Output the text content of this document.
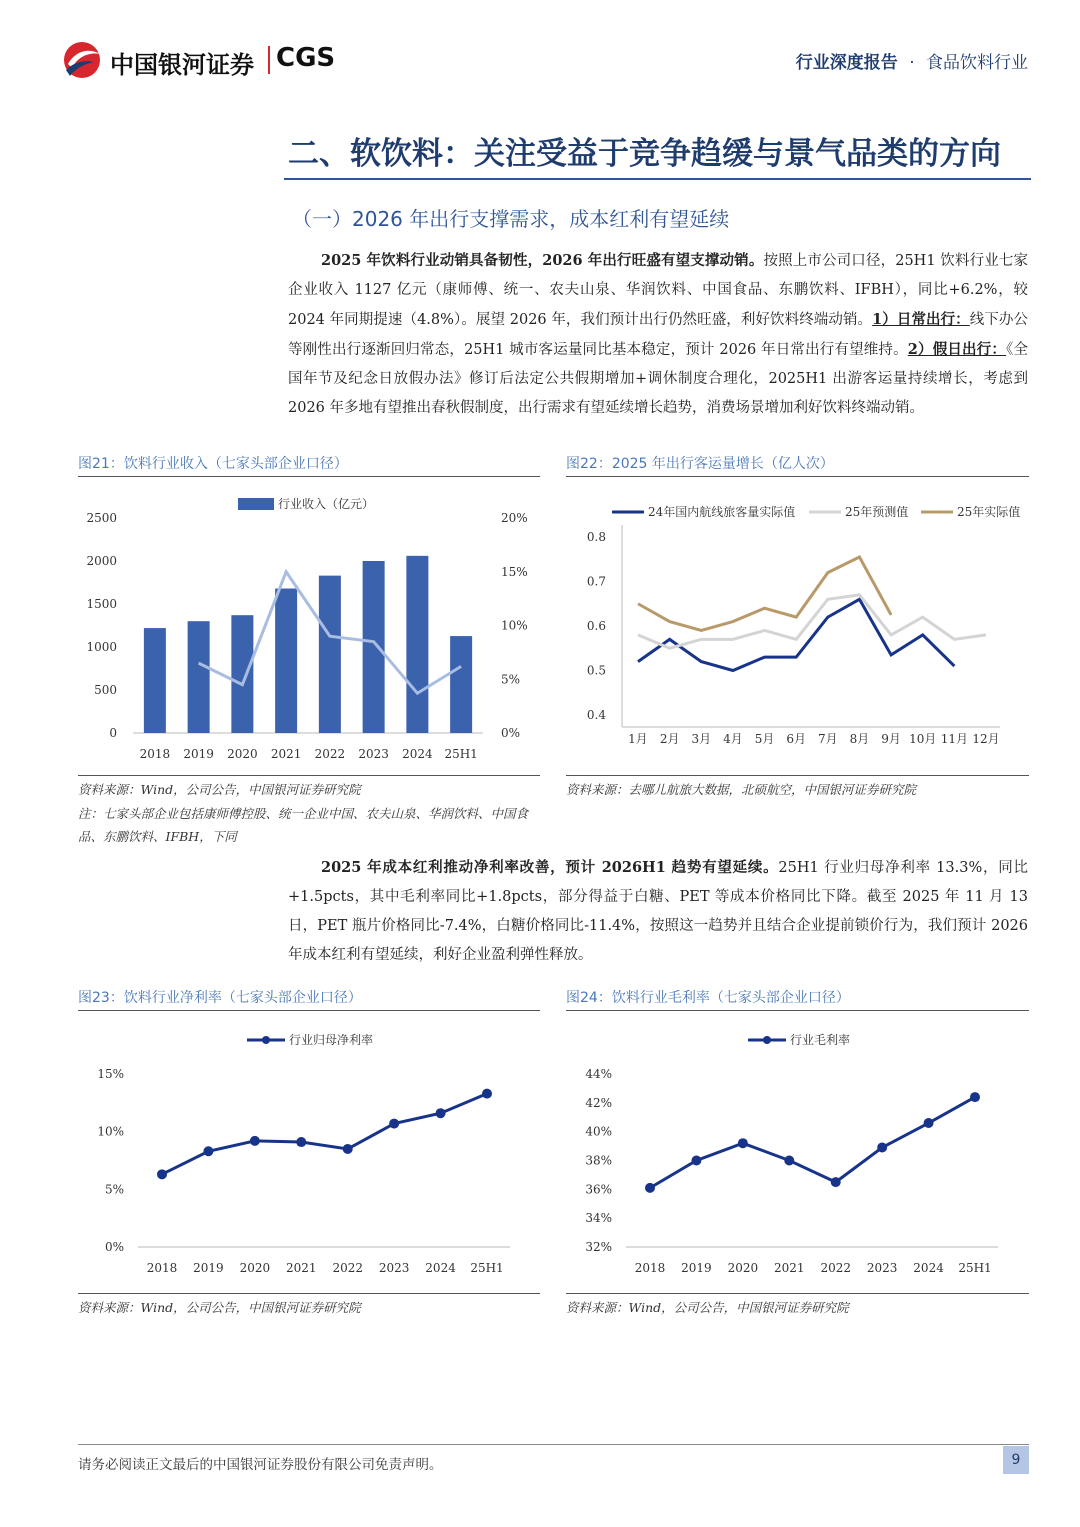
中国银河证券 CGS	行业深度报告 · 食品饮料行业
二、软饮料：关注受益于竞争趋缓与景气品类的方向
（一）2026 年出行支撑需求，成本红利有望延续
2025 年饮料行业动销具备韧性，2026 年出行旺盛有望支撑动销。按照上市公司口径，25H1 饮料行业七家企业收入 1127 亿元（康师傅、统一、农夫山泉、华润饮料、中国食品、东鹏饮料、IFBH），同比+6.2%，较 2024 年同期提速（4.8%）。展望 2026 年，我们预计出行仍然旺盛，利好饮料终端动销。1）日常出行：线下办公等刚性出行逐渐回归常态，25H1 城市客运量同比基本稳定，预计 2026 年日常出行有望维持。2）假日出行：《全国年节及纪念日放假办法》修订后法定公共假期增加+调休制度合理化，2025H1 出游客运量持续增长，考虑到 2026 年多地有望推出春秋假制度，出行需求有望延续增长趋势，消费场景增加利好饮料终端动销。
图21：饮料行业收入（七家头部企业口径）
0
500
1000
1500
2000
2500
0%
5%
10%
15%
20%
2018 2019 2020 2021 2022 2023 2024 25H1
行业收入（亿元）
资料来源：Wind，公司公告，中国银河证券研究院
注：七家头部企业包括康师傅控股、统一企业中国、农夫山泉、华润饮料、中国食品、东鹏饮料、IFBH，下同
图22：2025 年出行客运量增长（亿人次）
0.4
0.5
0.6
0.7
0.8
1月 2月 3月 4月 5月 6月 7月 8月 9月 10月 11月 12月
24年国内航线旅客量实际值	25年预测值	25年实际值
资料来源：去哪儿航旅大数据，北硕航空，中国银河证券研究院
2025 年成本红利推动净利率改善，预计 2026H1 趋势有望延续。25H1 行业归母净利率 13.3%，同比+1.5pcts，其中毛利率同比+1.8pcts，部分得益于白糖、PET 等成本价格同比下降。截至 2025 年 11 月 13 日，PET 瓶片价格同比-7.4%，白糖价格同比-11.4%，按照这一趋势并且结合企业提前锁价行为，我们预计 2026 年成本红利有望延续，利好企业盈利弹性释放。
图23：饮料行业净利率（七家头部企业口径）
0%
5%
10%
15%
2018 2019 2020 2021 2022 2023 2024 25H1
行业归母净利率
资料来源：Wind，公司公告，中国银河证券研究院
图24：饮料行业毛利率（七家头部企业口径）
32%
34%
36%
38%
40%
42%
44%
2018 2019 2020 2021 2022 2023 2024 25H1
行业毛利率
资料来源：Wind，公司公告，中国银河证券研究院
请务必阅读正文最后的中国银河证券股份有限公司免责声明。	9
